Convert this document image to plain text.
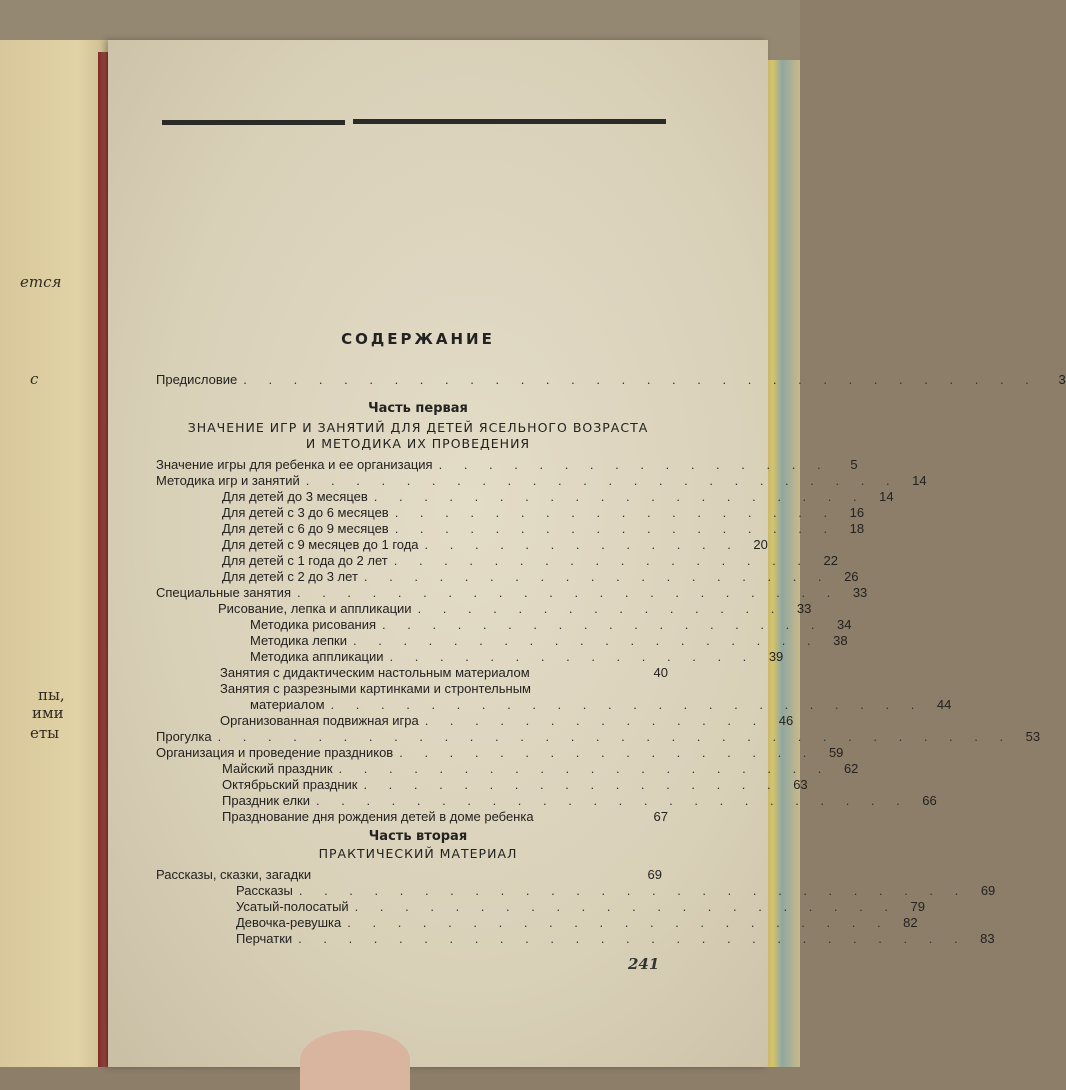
ется
с
пы,
ими
еты
СОДЕРЖАНИЕ
Предисловие . . . . . . . . . . . . . . . . . . . . . . . . . . . . . . . .	3
Часть первая
ЗНАЧЕНИЕ ИГР И ЗАНЯТИЙ ДЛЯ ДЕТЕЙ ЯСЕЛЬНОГО ВОЗРАСТА
И МЕТОДИКА ИХ ПРОВЕДЕНИЯ
Значение игры для ребенка и ее организация . . . . . . . . . . . . . . . .	5
Методика игр и занятий . . . . . . . . . . . . . . . . . . . . . . . .	14
Для детей до 3 месяцев . . . . . . . . . . . . . . . . . . . .	14
Для детей с 3 до 6 месяцев . . . . . . . . . . . . . . . . . .	16
Для детей с 6 до 9 месяцев . . . . . . . . . . . . . . . . . .	18
Для детей с 9 месяцев до 1 года . . . . . . . . . . . . .	20
Для детей с 1 года до 2 лет . . . . . . . . . . . . . . . . .	22
Для детей с 2 до 3 лет . . . . . . . . . . . . . . . . . . .	26
Специальные занятия . . . . . . . . . . . . . . . . . . . . . .	33
Рисование, лепка и аппликации . . . . . . . . . . . . . . .	33
Методика рисования . . . . . . . . . . . . . . . . . .	34
Методика лепки . . . . . . . . . . . . . . . . . . .	38
Методика аппликации . . . . . . . . . . . . . . .	39
Занятия с дидактическим настольным материалом	40
Занятия с разрезными картинками и стронтельным
материалом . . . . . . . . . . . . . . . . . . . . . . . .	44
Организованная подвижная игра . . . . . . . . . . . . . .	46
Прогулка . . . . . . . . . . . . . . . . . . . . . . . . . . . . . . . .	53
Организация и проведение праздников . . . . . . . . . . . . . . . . .	59
Майский праздник . . . . . . . . . . . . . . . . . . . .	62
Октябрьский праздник . . . . . . . . . . . . . . . . .	63
Праздник елки . . . . . . . . . . . . . . . . . . . . . . . .	66
Празднование дня рождения детей в доме ребенка	67
Часть вторая
ПРАКТИЧЕСКИЙ МАТЕРИАЛ
Рассказы, сказки, загадки	69
Рассказы . . . . . . . . . . . . . . . . . . . . . . . . . . .	69
Усатый-полосатый . . . . . . . . . . . . . . . . . . . . . .	79
Девочка-ревушка . . . . . . . . . . . . . . . . . . . . . .	82
Перчатки . . . . . . . . . . . . . . . . . . . . . . . . . . .	83
241
